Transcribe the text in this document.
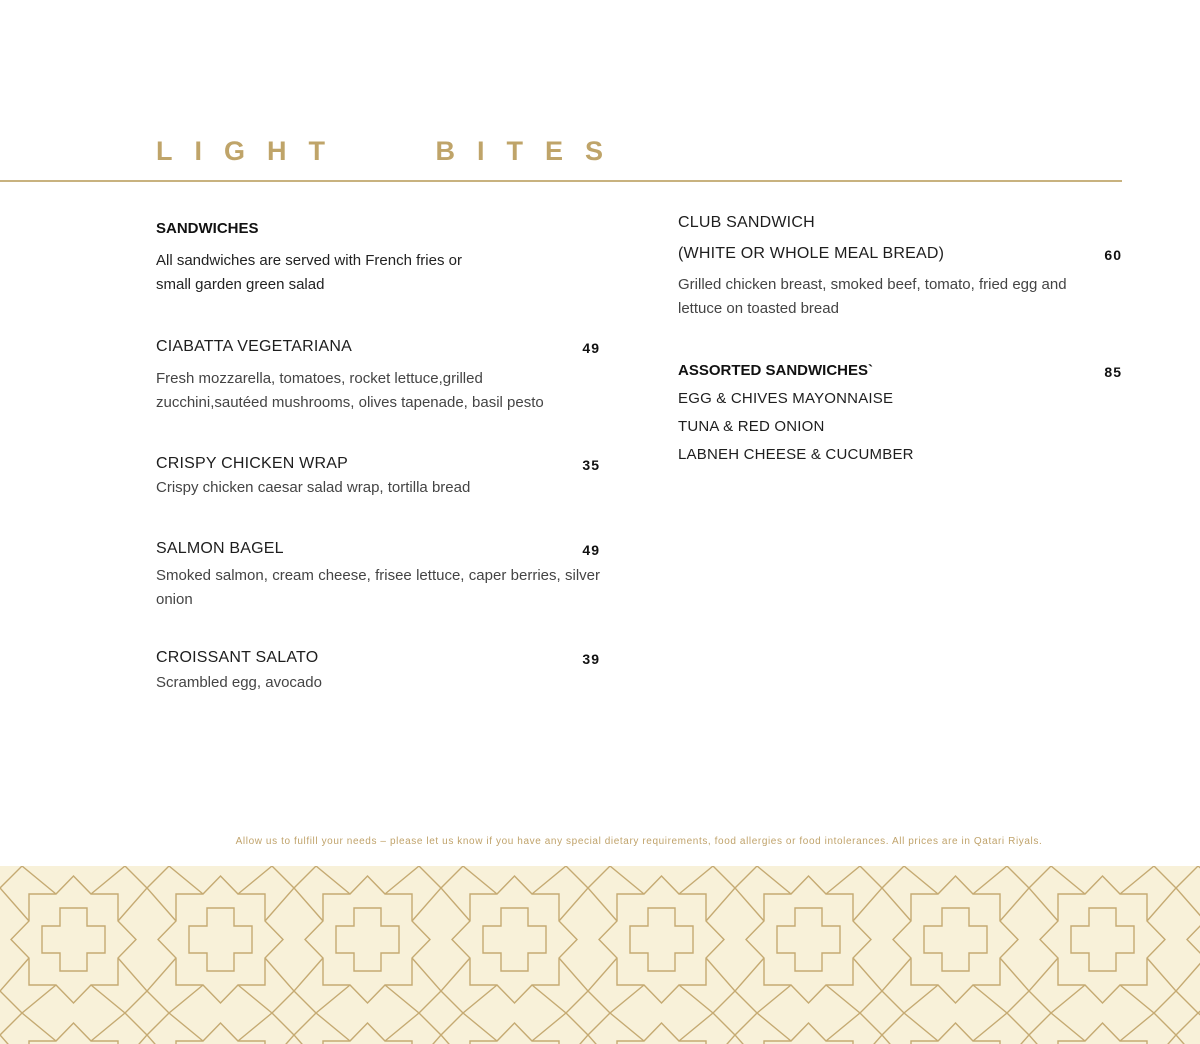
LIGHT   BITES
SANDWICHES
All sandwiches are served with French fries or
small garden green salad
CIABATTA VEGETARIANA	49
Fresh mozzarella, tomatoes, rocket lettuce,grilled zucchini,sautéed mushrooms, olives tapenade, basil pesto
CRISPY CHICKEN WRAP	35
Crispy chicken caesar salad wrap, tortilla bread
SALMON BAGEL	49
Smoked salmon, cream cheese, frisee lettuce, caper berries, silver onion
CROISSANT SALATO	39
Scrambled egg, avocado
CLUB SANDWICH
(WHITE OR WHOLE MEAL BREAD)	60
Grilled chicken breast, smoked beef, tomato, fried egg and lettuce on toasted bread
ASSORTED SANDWICHES`	85
EGG & CHIVES MAYONNAISE
TUNA & RED ONION
LABNEH CHEESE & CUCUMBER
Allow us to fulfill your needs – please let us know if you have any special dietary requirements, food allergies or food intolerances. All prices are in Qatari Riyals.
